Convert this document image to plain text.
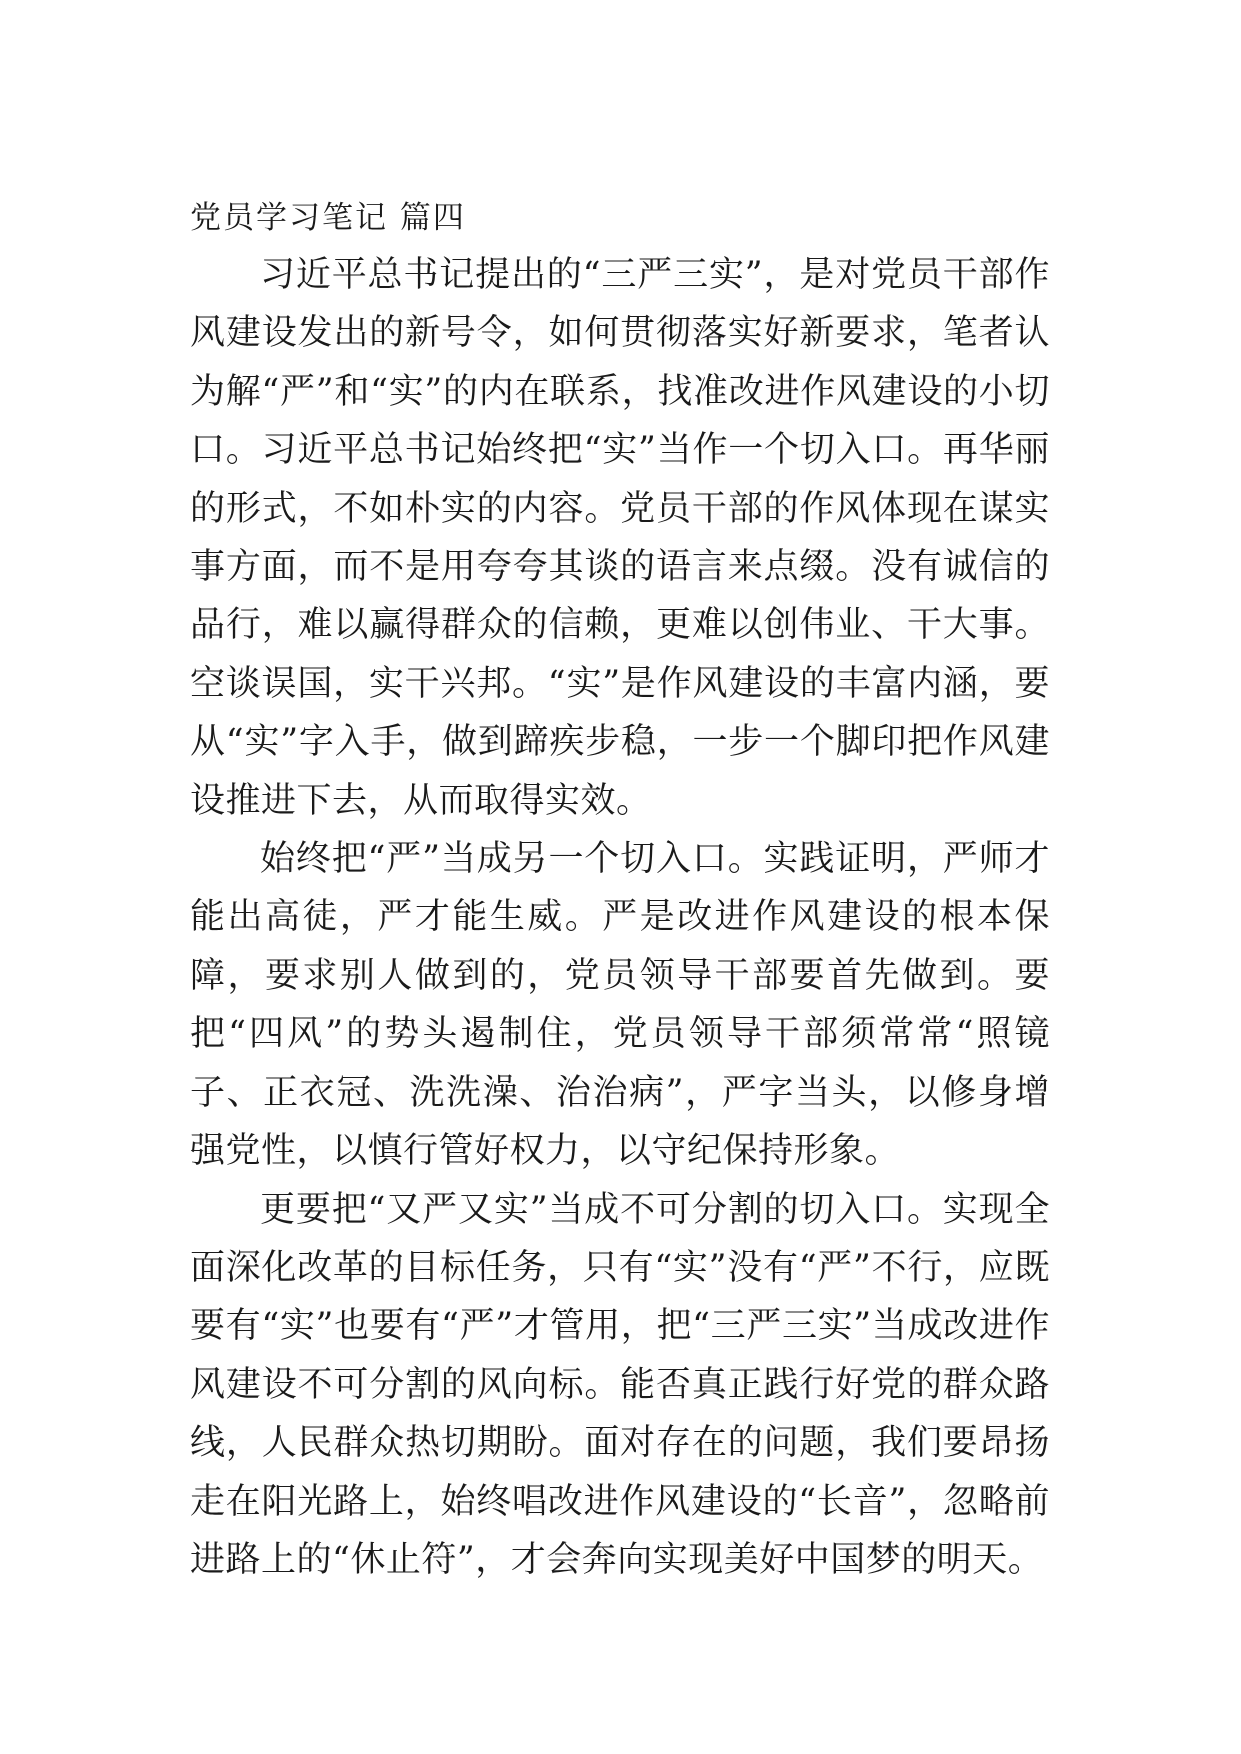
党员学习笔记 篇四

习近平总书记提出的“三严三实”，是对党员干部作风建设发出的新号令，如何贯彻落实好新要求，笔者认为解“严”和“实”的内在联系，找准改进作风建设的小切口。习近平总书记始终把“实”当作一个切入口。再华丽的形式，不如朴实的内容。党员干部的作风体现在谋实事方面，而不是用夸夸其谈的语言来点缀。没有诚信的品行，难以赢得群众的信赖，更难以创伟业、干大事。空谈误国，实干兴邦。“实”是作风建设的丰富内涵，要从“实”字入手，做到蹄疾步稳，一步一个脚印把作风建设推进下去，从而取得实效。

始终把“严”当成另一个切入口。实践证明，严师才能出高徒，严才能生威。严是改进作风建设的根本保障，要求别人做到的，党员领导干部要首先做到。要把“四风”的势头遏制住，党员领导干部须常常“照镜子、正衣冠、洗洗澡、治治病”，严字当头，以修身增强党性，以慎行管好权力，以守纪保持形象。

更要把“又严又实”当成不可分割的切入口。实现全面深化改革的目标任务，只有“实”没有“严”不行，应既要有“实”也要有“严”才管用，把“三严三实”当成改进作风建设不可分割的风向标。能否真正践行好党的群众路线，人民群众热切期盼。面对存在的问题，我们要昂扬走在阳光路上，始终唱改进作风建设的“长音”，忽略前进路上的“休止符”，才会奔向实现美好中国梦的明天。
